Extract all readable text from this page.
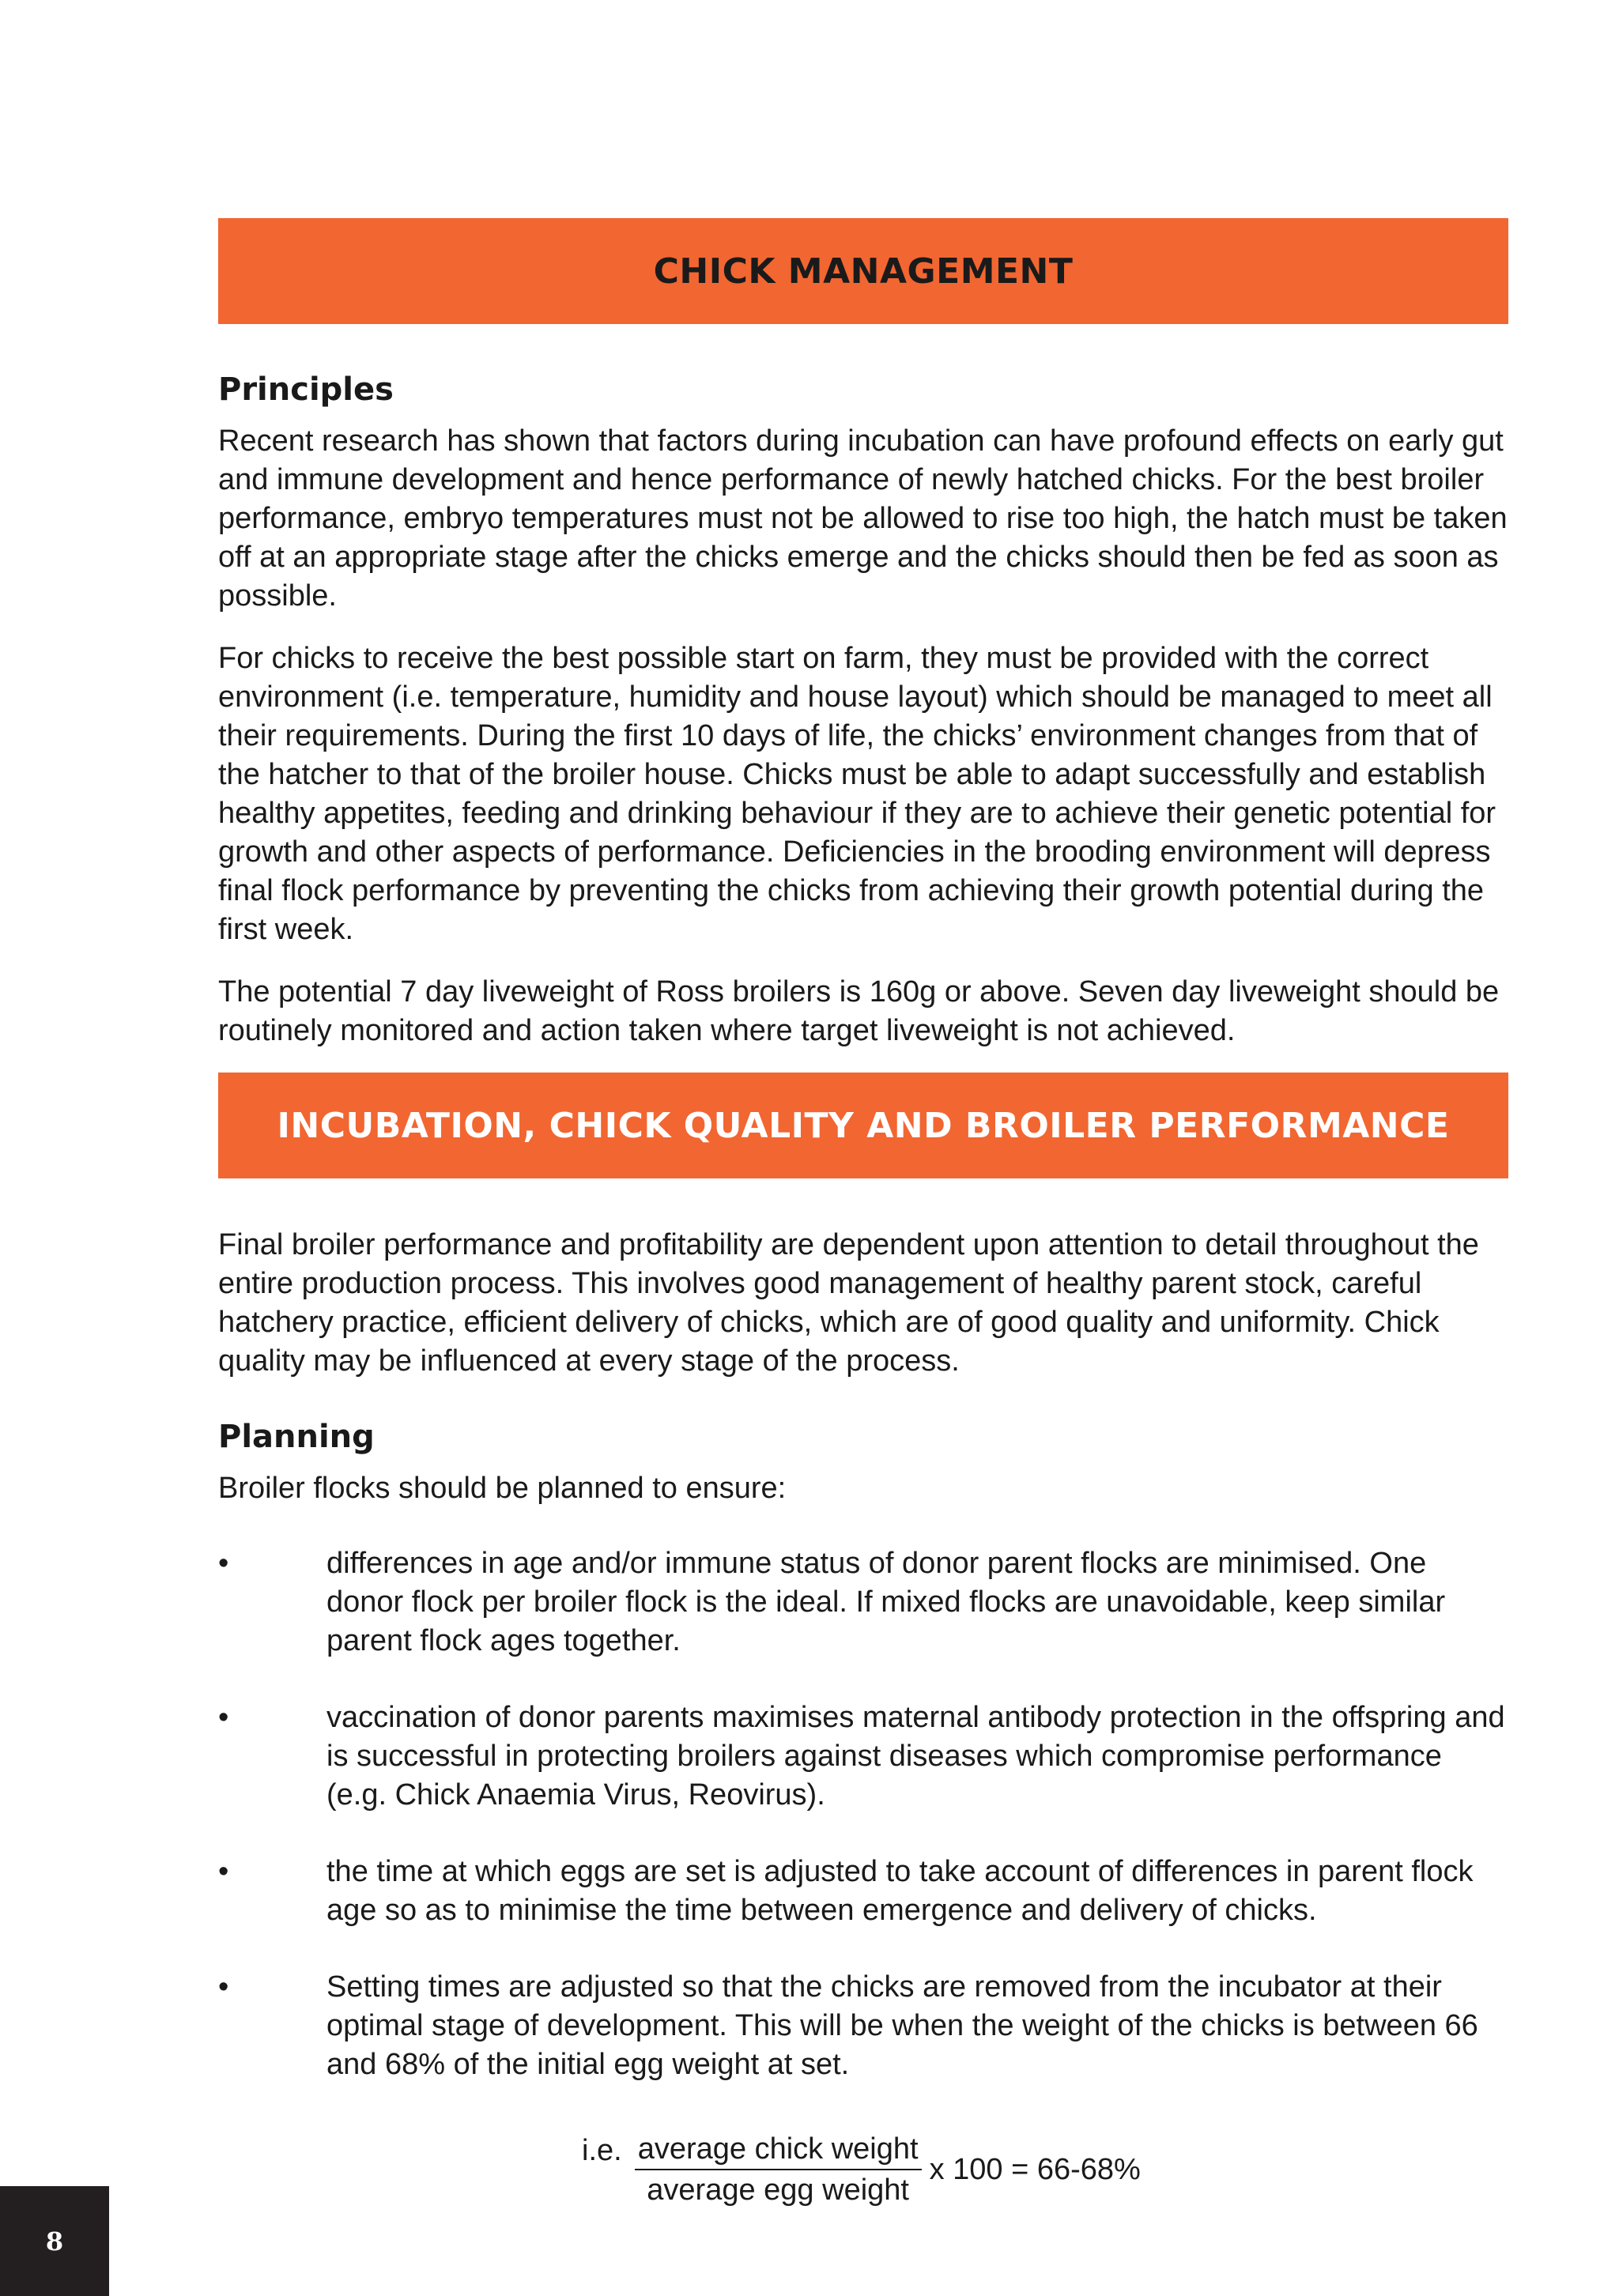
CHICK MANAGEMENT
Principles

Recent research has shown that factors during incubation can have profound effects on early gut and immune development and hence performance of newly hatched chicks. For the best broiler performance, embryo temperatures must not be allowed to rise too high, the hatch must be taken off at an appropriate stage after the chicks emerge and the chicks should then be fed as soon as possible.

For chicks to receive the best possible start on farm, they must be provided with the correct environment (i.e. temperature, humidity and house layout) which should be managed to meet all their requirements. During the first 10 days of life, the chicks’ environment changes from that of the hatcher to that of the broiler house. Chicks must be able to adapt successfully and establish healthy appetites, feeding and drinking behaviour if they are to achieve their genetic potential for growth and other aspects of performance. Deficiencies in the brooding environment will depress final flock performance by preventing the chicks from achieving their growth potential during the first week.

The potential 7 day liveweight of Ross broilers is 160g or above. Seven day liveweight should be routinely monitored and action taken where target liveweight is not achieved.

INCUBATION, CHICK QUALITY AND BROILER PERFORMANCE

Final broiler performance and profitability are dependent upon attention to detail throughout the entire production process. This involves good management of healthy parent stock, careful hatchery practice, efficient delivery of chicks, which are of good quality and uniformity. Chick quality may be influenced at every stage of the process.

Planning

Broiler flocks should be planned to ensure:

•	differences in age and/or immune status of donor parent flocks are minimised. One donor flock per broiler flock is the ideal. If mixed flocks are unavoidable, keep similar parent flock ages together.
•	vaccination of donor parents maximises maternal antibody protection in the offspring and is successful in protecting broilers against diseases which compromise performance (e.g. Chick Anaemia Virus, Reovirus).
•	the time at which eggs are set is adjusted to take account of differences in parent flock age so as to minimise the time between emergence and delivery of chicks.
•	Setting times are adjusted so that the chicks are removed from the incubator at their optimal stage of development. This will be when the weight of the chicks is between 66 and 68% of the initial egg weight at set.
i.e. $\frac{\text{average chick weight}}{\text{average egg weight}}$ x 100 = 66-68%
8
